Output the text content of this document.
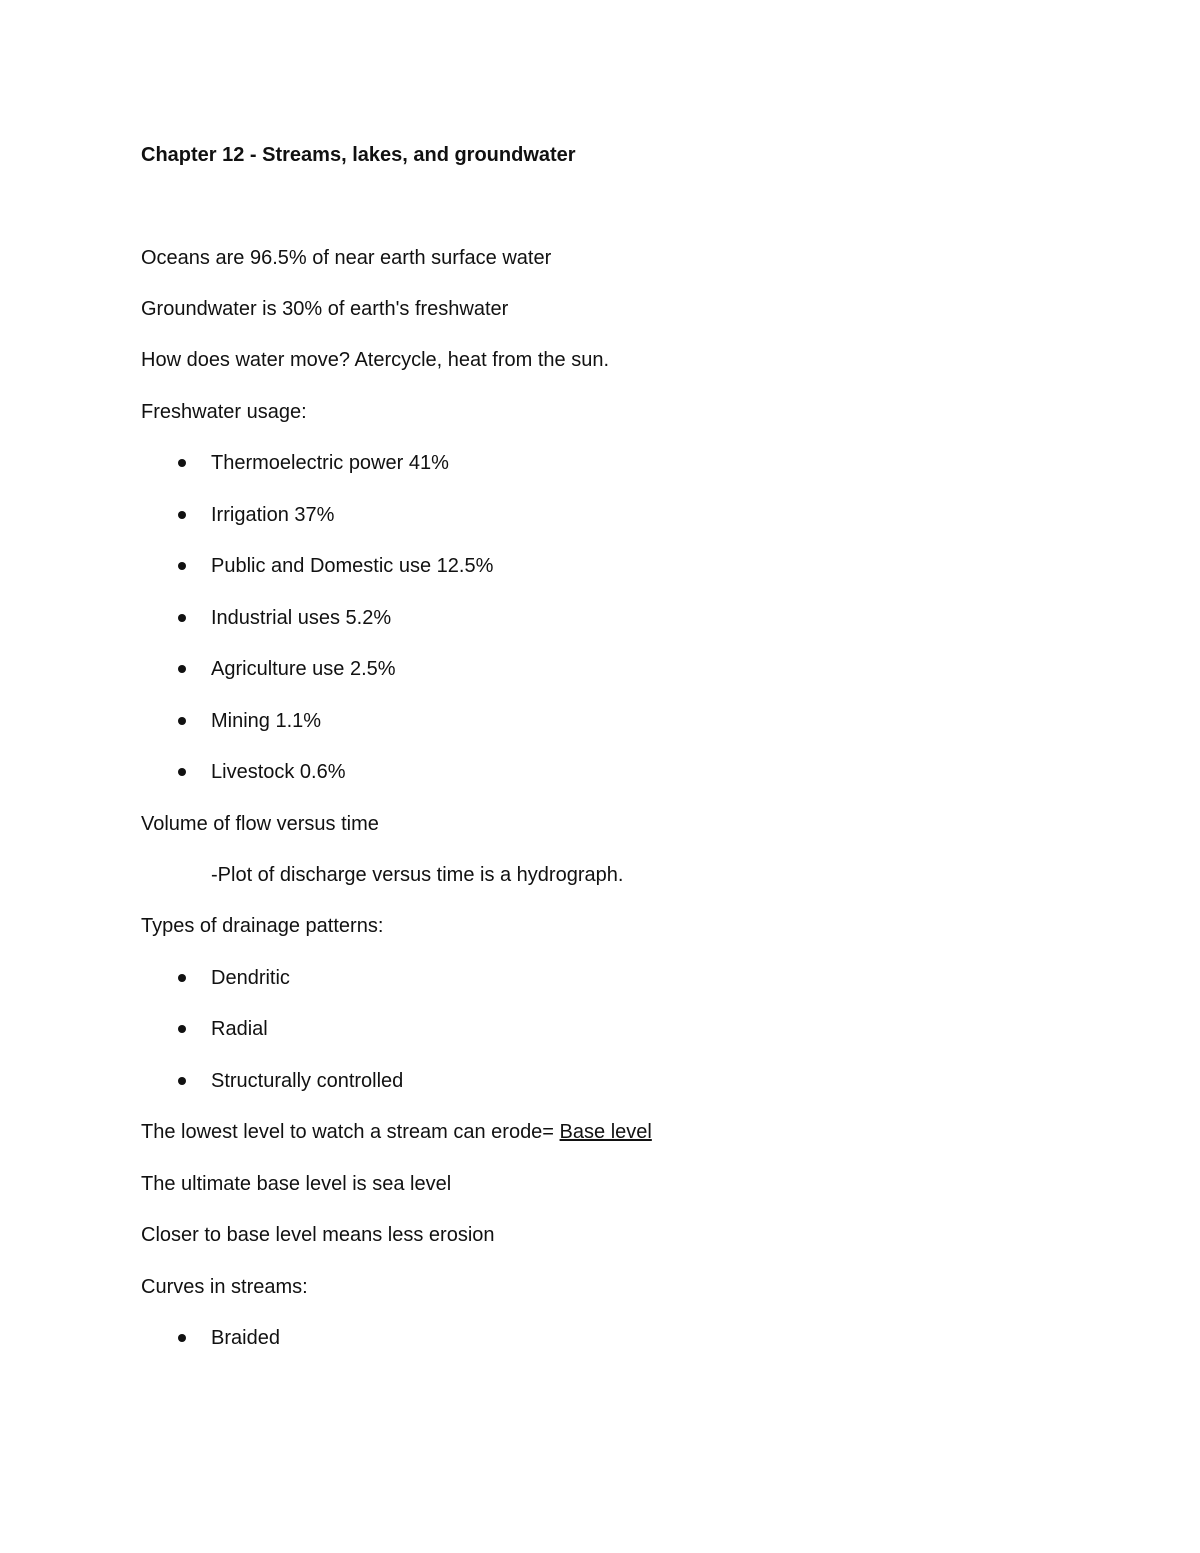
Chapter 12 - Streams, lakes, and groundwater
Oceans are 96.5% of near earth surface water
Groundwater is 30% of earth's freshwater
How does water move? Atercycle, heat from the sun.
Freshwater usage:
Thermoelectric power 41%
Irrigation 37%
Public and Domestic use 12.5%
Industrial uses 5.2%
Agriculture use 2.5%
Mining 1.1%
Livestock 0.6%
Volume of flow versus time
-Plot of discharge versus time is a hydrograph.
Types of drainage patterns:
Dendritic
Radial
Structurally controlled
The lowest level to watch a stream can erode= Base level
The ultimate base level is sea level
Closer to base level means less erosion
Curves in streams:
Braided
